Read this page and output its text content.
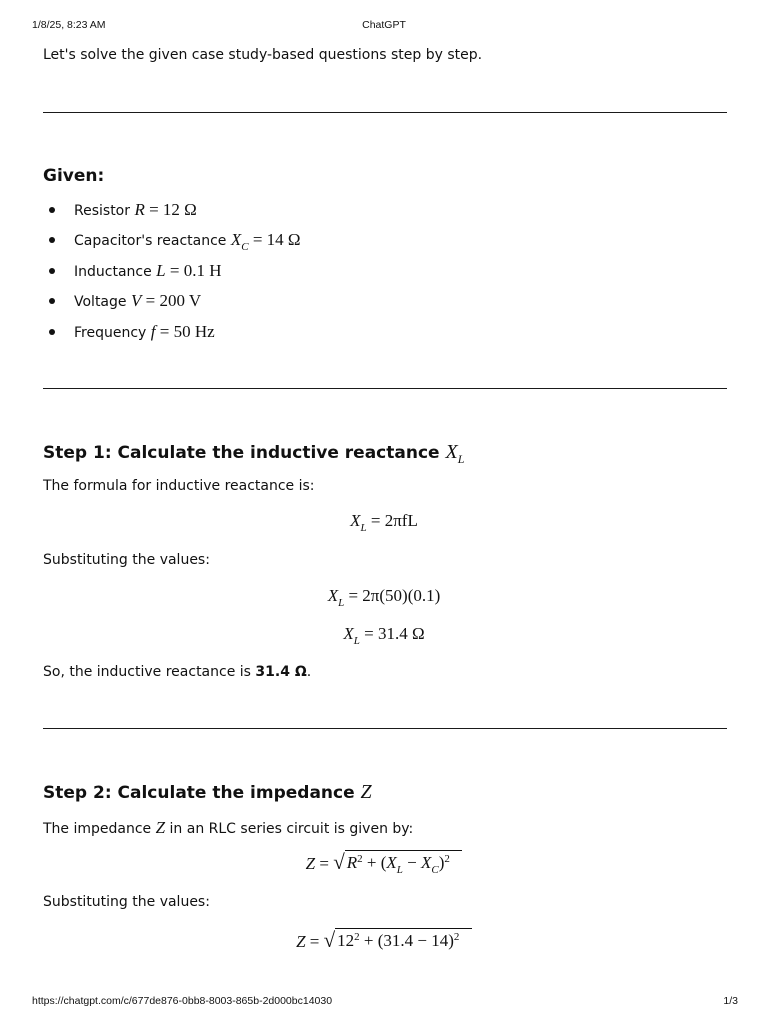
1/8/25, 8:23 AM	ChatGPT
Let's solve the given case study-based questions step by step.
Given:
Resistor R = 12 Ω
Capacitor's reactance $X_C = 14$ Ω
Inductance L = 0.1 H
Voltage V = 200 V
Frequency f = 50 Hz
Step 1: Calculate the inductive reactance $X_L$
The formula for inductive reactance is:
$X_L = 2\pi fL$
Substituting the values:
$X_L = 2\pi(50)(0.1)$
$X_L = 31.4$ Ω
So, the inductive reactance is 31.4 Ω.
Step 2: Calculate the impedance Z
The impedance Z in an RLC series circuit is given by:
Z = √ $R^2 + (X_L - X_C)^2$
Substituting the values:
Z = √ $12^2 + (31.4 - 14)^2$
https://chatgpt.com/c/677de876-0bb8-8003-865b-2d000bc14030	1/3
